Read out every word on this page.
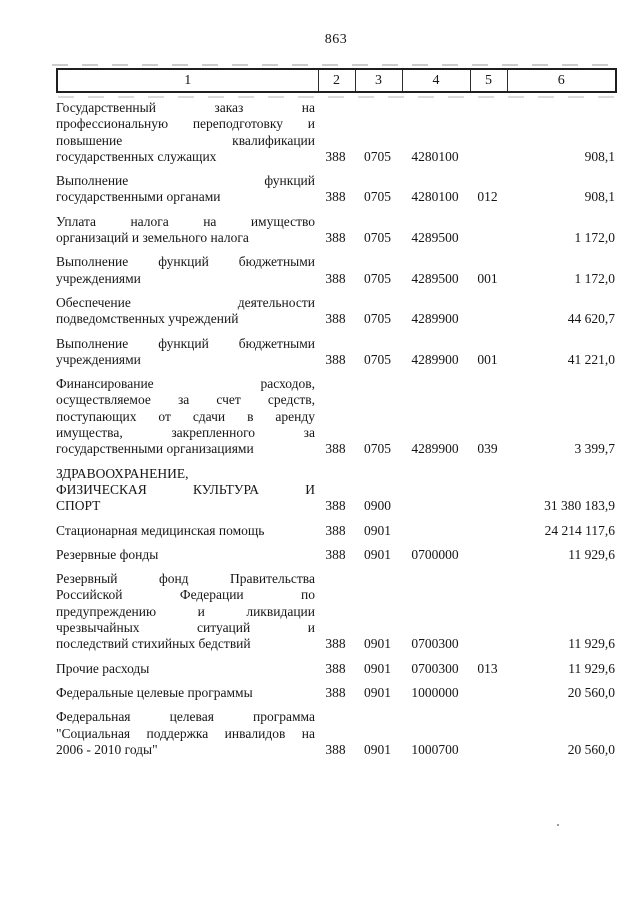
863
1	2	3	4	5	6
Государственный заказ на
профессиональную переподготовку и
повышение квалификации
государственных служащих	388	0705	4280100		908,1

Выполнение функций
государственными органами	388	0705	4280100	012	908,1

Уплата налога на имущество
организаций и земельного налога	388	0705	4289500		1 172,0

Выполнение функций бюджетными
учреждениями	388	0705	4289500	001	1 172,0

Обеспечение деятельности
подведомственных учреждений	388	0705	4289900		44 620,7

Выполнение функций бюджетными
учреждениями	388	0705	4289900	001	41 221,0

Финансирование расходов,
осуществляемое за счет средств,
поступающих от сдачи в аренду
имущества, закрепленного за
государственными организациями	388	0705	4289900	039	3 399,7

ЗДРАВООХРАНЕНИЕ,
ФИЗИЧЕСКАЯ КУЛЬТУРА И
СПОРТ	388	0900			31 380 183,9

Стационарная медицинская помощь	388	0901			24 214 117,6

Резервные фонды	388	0901	0700000		11 929,6

Резервный фонд Правительства
Российской Федерации по
предупреждению и ликвидации
чрезвычайных ситуаций и
последствий стихийных бедствий	388	0901	0700300		11 929,6

Прочие расходы	388	0901	0700300	013	11 929,6

Федеральные целевые программы	388	0901	1000000		20 560,0

Федеральная целевая программа
"Социальная поддержка инвалидов на
2006 - 2010 годы"	388	0901	1000700		20 560,0
